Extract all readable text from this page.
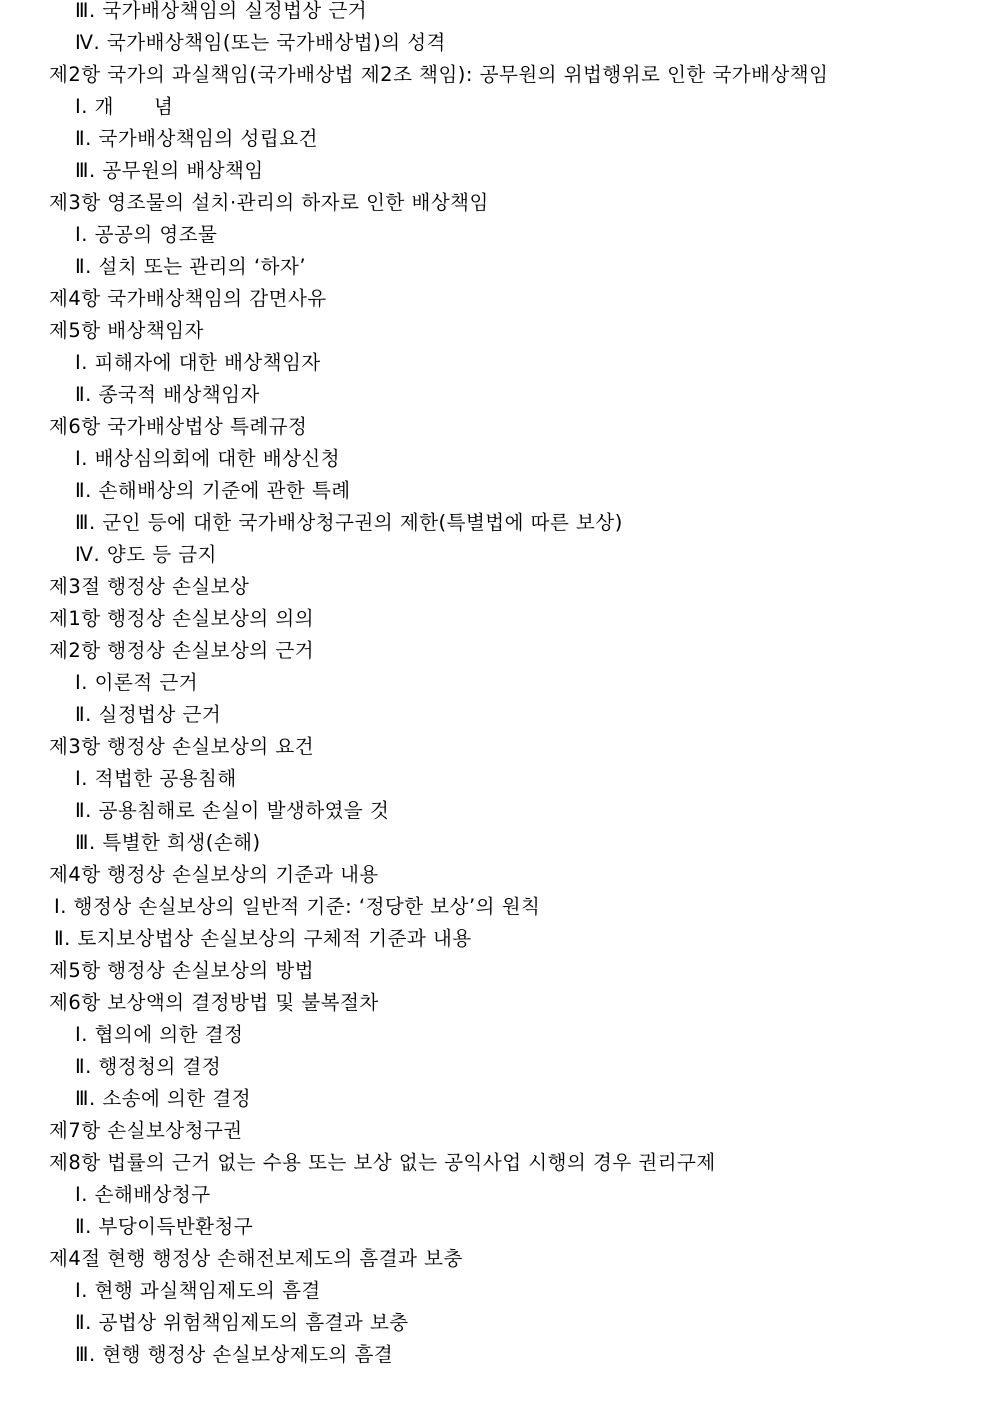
Ⅲ. 국가배상책임의 실정법상 근거
Ⅳ. 국가배상책임(또는 국가배상법)의 성격
제2항 국가의 과실책임(국가배상법 제2조 책임): 공무원의 위법행위로 인한 국가배상책임
Ⅰ. 개　　념
Ⅱ. 국가배상책임의 성립요건
Ⅲ. 공무원의 배상책임
제3항 영조물의 설치·관리의 하자로 인한 배상책임
Ⅰ. 공공의 영조물
Ⅱ. 설치 또는 관리의 ‘하자’
제4항 국가배상책임의 감면사유
제5항 배상책임자
Ⅰ. 피해자에 대한 배상책임자
Ⅱ. 종국적 배상책임자
제6항 국가배상법상 특례규정
Ⅰ. 배상심의회에 대한 배상신청
Ⅱ. 손해배상의 기준에 관한 특례
Ⅲ. 군인 등에 대한 국가배상청구권의 제한(특별법에 따른 보상)
Ⅳ. 양도 등 금지
제3절 행정상 손실보상
제1항 행정상 손실보상의 의의
제2항 행정상 손실보상의 근거
Ⅰ. 이론적 근거
Ⅱ. 실정법상 근거
제3항 행정상 손실보상의 요건
Ⅰ. 적법한 공용침해
Ⅱ. 공용침해로 손실이 발생하였을 것
Ⅲ. 특별한 희생(손해)
제4항 행정상 손실보상의 기준과 내용
Ⅰ. 행정상 손실보상의 일반적 기준: ‘정당한 보상’의 원칙
Ⅱ. 토지보상법상 손실보상의 구체적 기준과 내용
제5항 행정상 손실보상의 방법
제6항 보상액의 결정방법 및 불복절차
Ⅰ. 협의에 의한 결정
Ⅱ. 행정청의 결정
Ⅲ. 소송에 의한 결정
제7항 손실보상청구권
제8항 법률의 근거 없는 수용 또는 보상 없는 공익사업 시행의 경우 권리구제
Ⅰ. 손해배상청구
Ⅱ. 부당이득반환청구
제4절 현행 행정상 손해전보제도의 흠결과 보충
Ⅰ. 현행 과실책임제도의 흠결
Ⅱ. 공법상 위험책임제도의 흠결과 보충
Ⅲ. 현행 행정상 손실보상제도의 흠결
